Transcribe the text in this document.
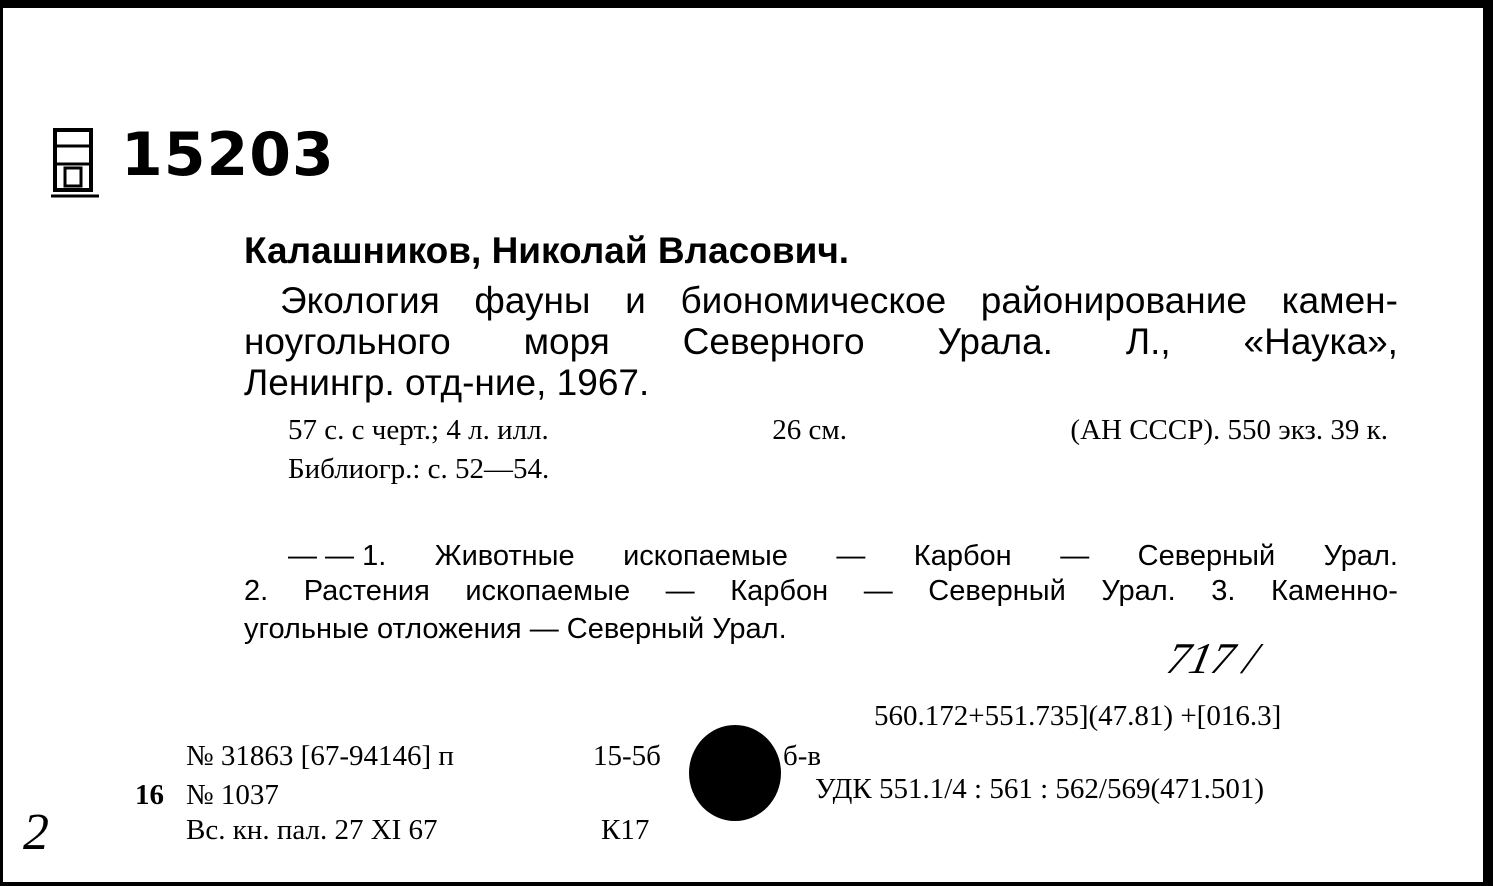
15203
Калашников, Николай Власович.
Экология фауны и биономическое районирование камен-
ноугольного моря Северного Урала. Л., «Наука»,
Ленингр. отд-ние, 1967.
57 с. с черт.; 4 л. илл.	26 см.	(АН СССР). 550 экз. 39 к.
Библиогр.: с. 52—54.
— — 1. Животные ископаемые — Карбон — Северный Урал.
2. Растения ископаемые — Карбон — Северный Урал. 3. Каменно-
угольные отложения — Северный Урал.
717 /
560.172+551.735](47.81) +[016.3]
УДК 551.1/4 : 561 : 562/569(471.501)
№ 31863 [67-94146] п
16 № 1037
Вс. кн. пал. 27 XI 67
15-5б	б-в
К17
2
